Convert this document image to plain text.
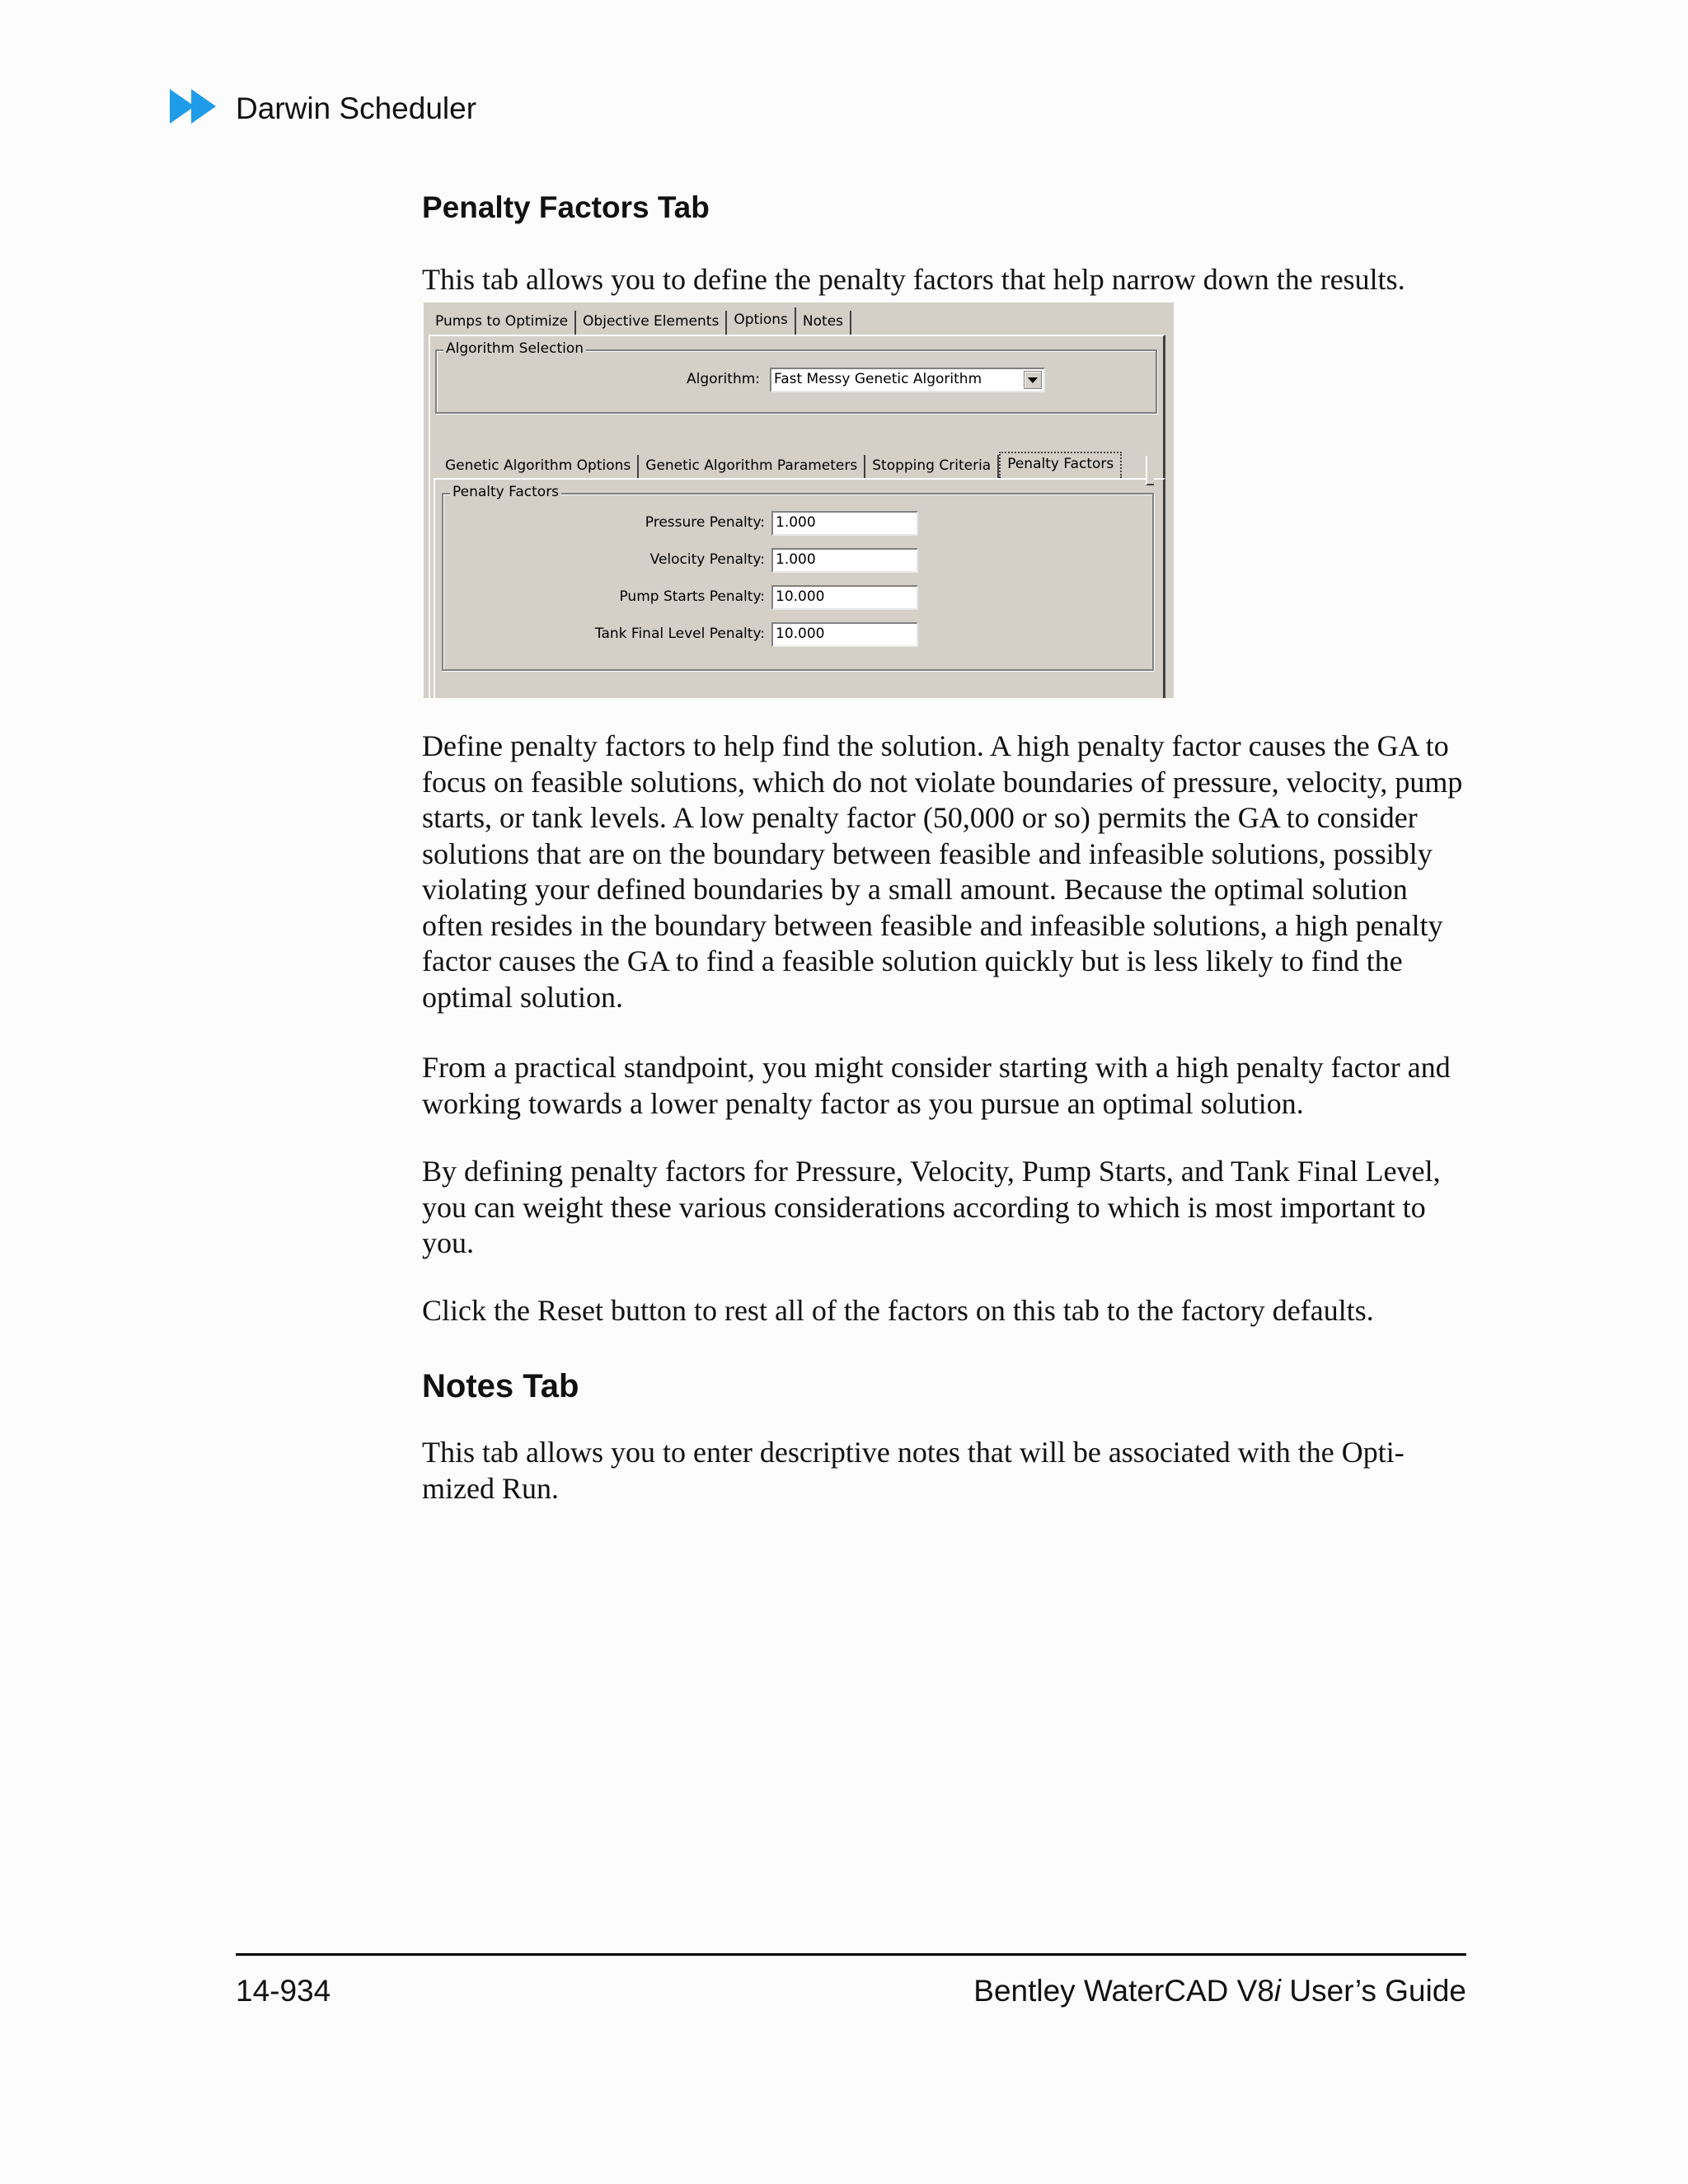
Darwin Scheduler
Penalty Factors Tab

This tab allows you to define the penalty factors that help narrow down the results.

Pumps to Optimize	Objective Elements	Options	Notes
Algorithm Selection
Algorithm: Fast Messy Genetic Algorithm
Genetic Algorithm Options	Genetic Algorithm Parameters	Stopping Criteria	Penalty Factors
Penalty Factors
Pressure Penalty: 1.000
Velocity Penalty: 1.000
Pump Starts Penalty: 10.000
Tank Final Level Penalty: 10.000

Define penalty factors to help find the solution. A high penalty factor causes the GA to focus on feasible solutions, which do not violate boundaries of pressure, velocity, pump starts, or tank levels. A low penalty factor (50,000 or so) permits the GA to consider solutions that are on the boundary between feasible and infeasible solutions, possibly violating your defined boundaries by a small amount. Because the optimal solution often resides in the boundary between feasible and infeasible solutions, a high penalty factor causes the GA to find a feasible solution quickly but is less likely to find the optimal solution.

From a practical standpoint, you might consider starting with a high penalty factor and working towards a lower penalty factor as you pursue an optimal solution.

By defining penalty factors for Pressure, Velocity, Pump Starts, and Tank Final Level, you can weight these various considerations according to which is most important to you.

Click the Reset button to rest all of the factors on this tab to the factory defaults.

Notes Tab

This tab allows you to enter descriptive notes that will be associated with the Opti-mized Run.

14-934	Bentley WaterCAD V8i User’s Guide
